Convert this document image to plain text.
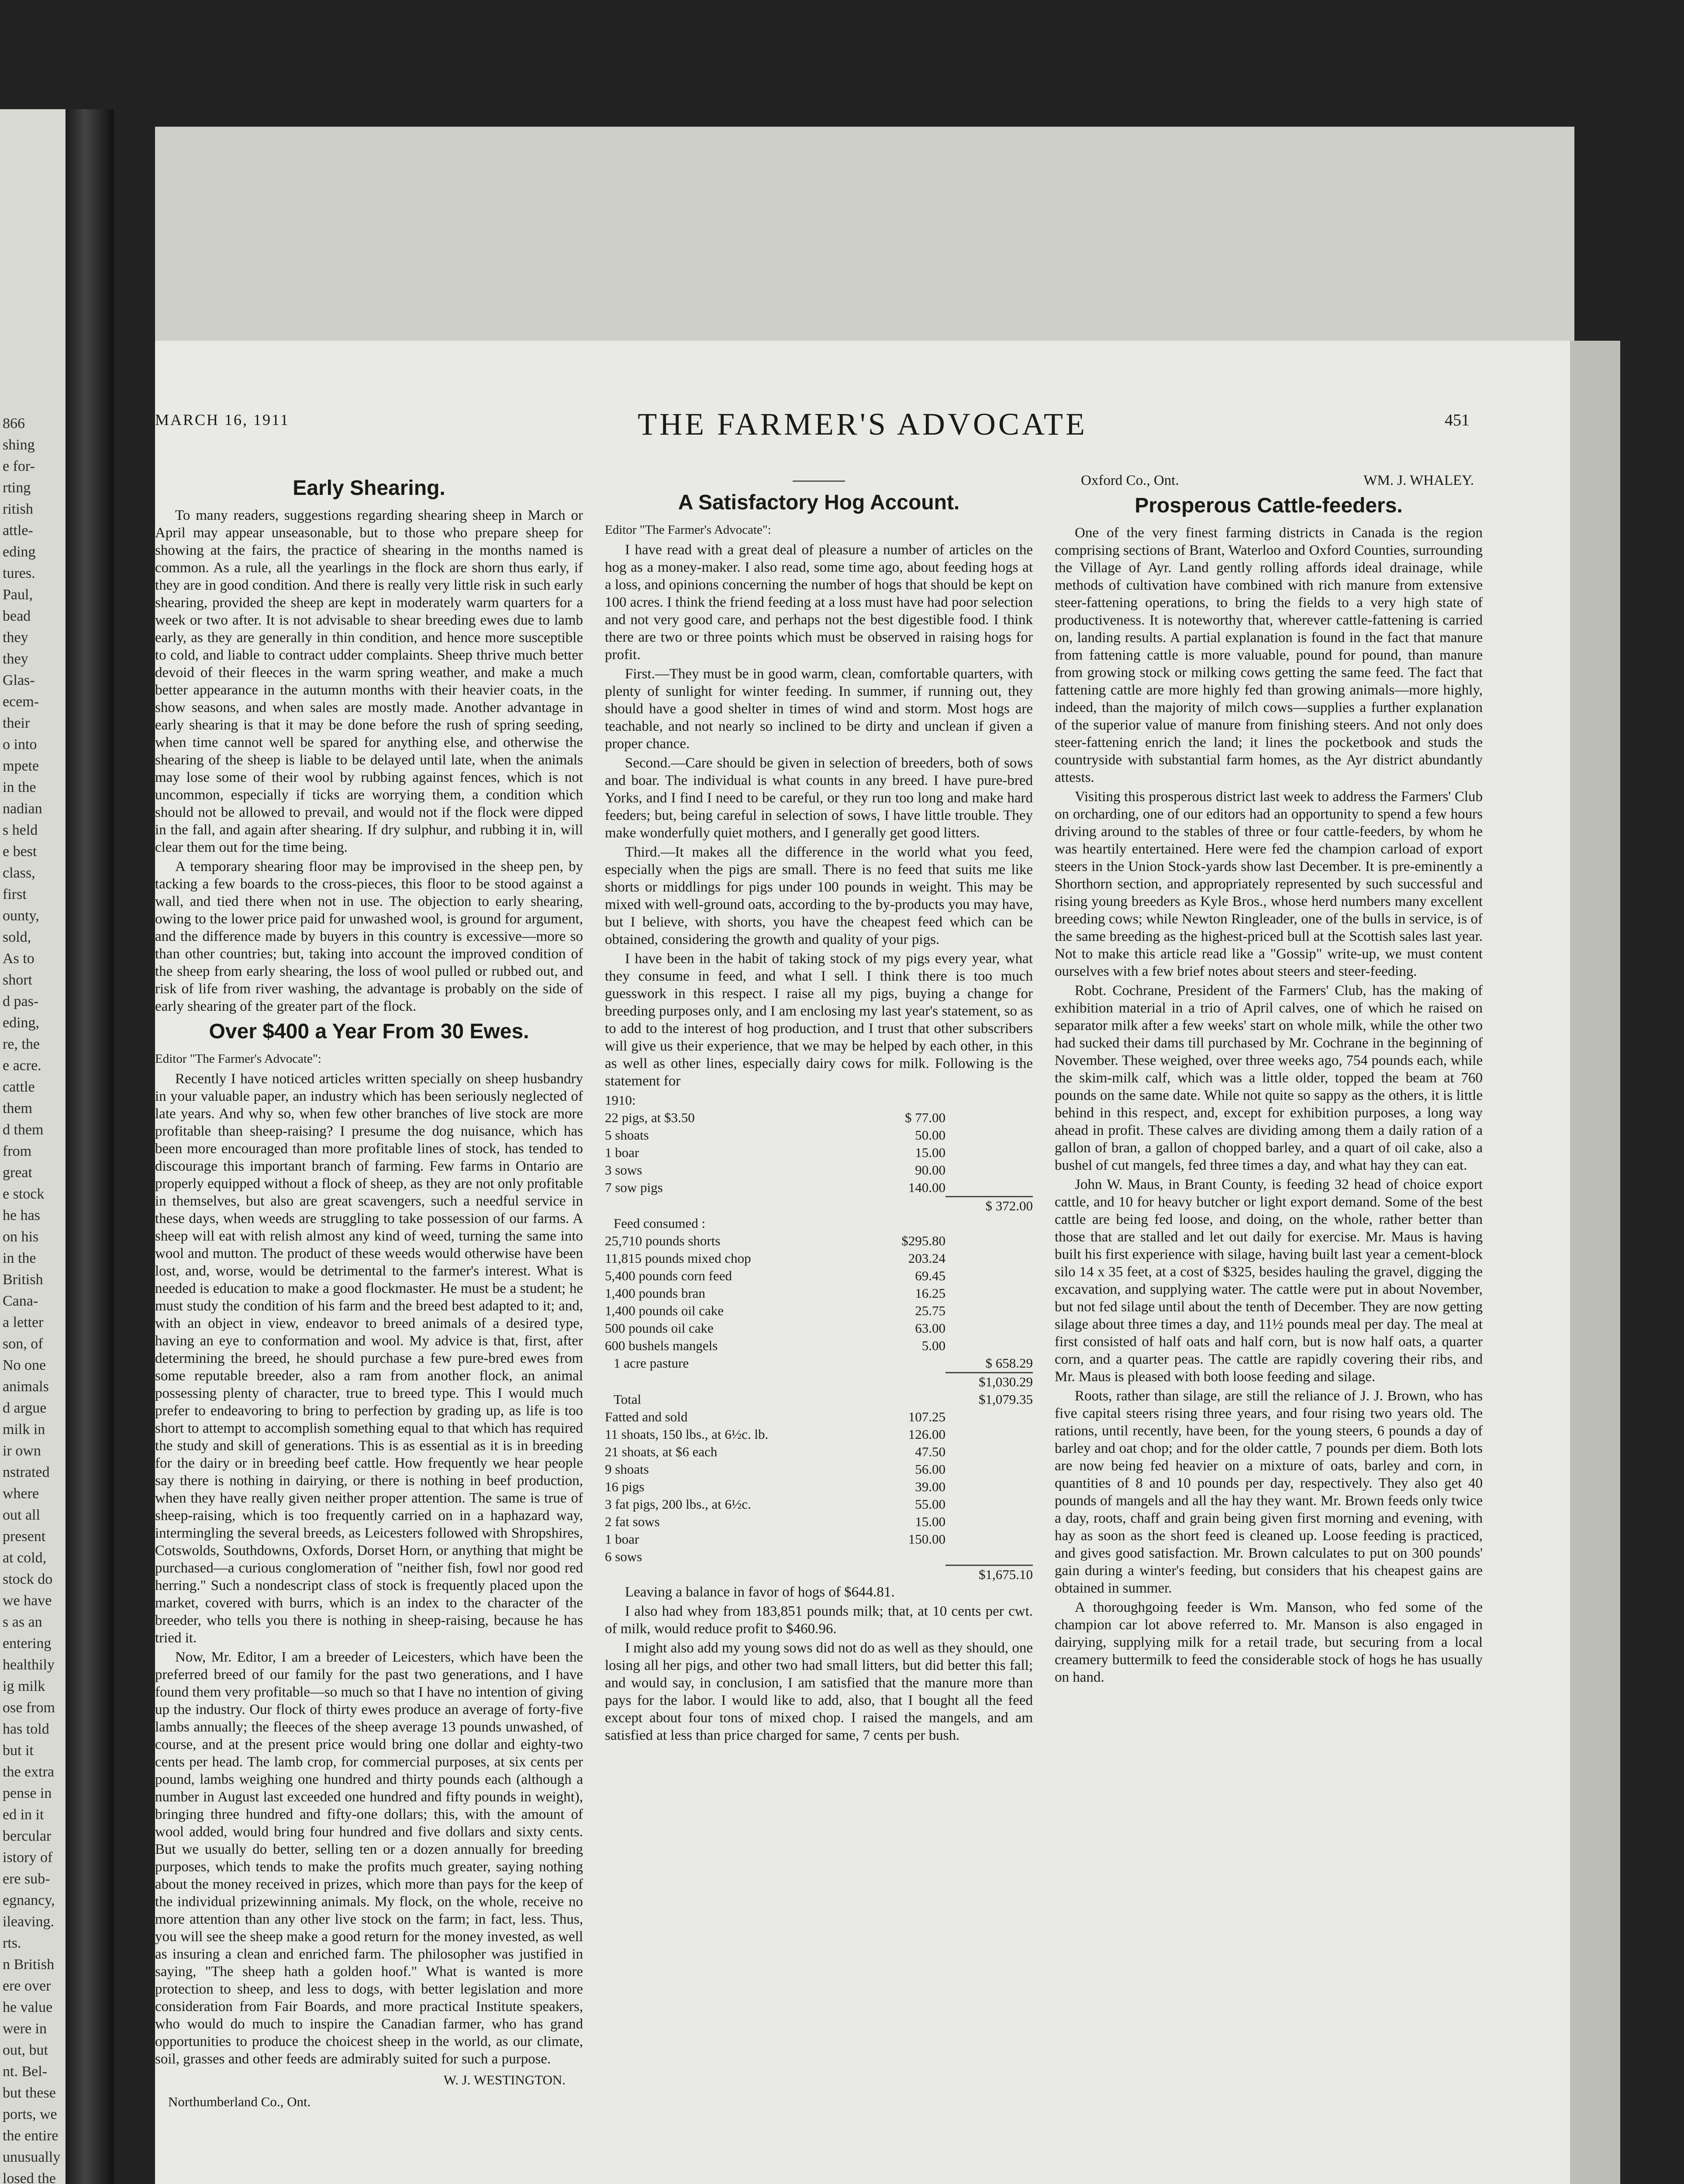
866
shing
e for-
rting
ritish
attle-
eding
tures.
Paul,
bead
they
they
Glas-
ecem-
their
o into
mpete
in the
nadian
s held
e best
class,
first
ounty,
sold,
As to
short
d pas-
eding,
re, the
e acre.
cattle
them
d them
from
great
e stock
he has
on his
in the
British
Cana-
a letter
son, of
No one
animals
d argue
milk in
ir own
nstrated
where
out all
present
at cold,
stock do
we have
s as an
entering
healthily
ig milk
ose from
has told
but it
the extra
pense in
ed in it
bercular
istory of
ere sub-
egnancy,
ileaving.
rts.
n British
ere over
he value
were in
out, but
nt. Bel-
but these
ports, we
the entire
unusually
losed the
MARCH 16, 1911	THE FARMER'S ADVOCATE	451
Early Shearing.

To many readers, suggestions regarding shearing sheep in March or April may appear unseasonable, but to those who prepare sheep for showing at the fairs, the practice of shearing in the months named is common. As a rule, all the yearlings in the flock are shorn thus early, if they are in good condition. And there is really very little risk in such early shearing, provided the sheep are kept in moderately warm quarters for a week or two after. It is not advisable to shear breeding ewes due to lamb early, as they are generally in thin condition, and hence more susceptible to cold, and liable to contract udder complaints. Sheep thrive much better devoid of their fleeces in the warm spring weather, and make a much better appearance in the autumn months with their heavier coats, in the show seasons, and when sales are mostly made. Another advantage in early shearing is that it may be done before the rush of spring seeding, when time cannot well be spared for anything else, and otherwise the shearing of the sheep is liable to be delayed until late, when the animals may lose some of their wool by rubbing against fences, which is not uncommon, especially if ticks are worrying them, a condition which should not be allowed to prevail, and would not if the flock were dipped in the fall, and again after shearing. If dry sulphur, and rubbing it in, will clear them out for the time being.

A temporary shearing floor may be improvised in the sheep pen, by tacking a few boards to the cross-pieces, this floor to be stood against a wall, and tied there when not in use. The objection to early shearing, owing to the lower price paid for unwashed wool, is ground for argument, and the difference made by buyers in this country is excessive—more so than other countries; but, taking into account the improved condition of the sheep from early shearing, the loss of wool pulled or rubbed out, and risk of life from river washing, the advantage is probably on the side of early shearing of the greater part of the flock.

Over $400 a Year From 30 Ewes.
Editor "The Farmer's Advocate":

Recently I have noticed articles written specially on sheep husbandry in your valuable paper, an industry which has been seriously neglected of late years. And why so, when few other branches of live stock are more profitable than sheep-raising? I presume the dog nuisance, which has been more encouraged than more profitable lines of stock, has tended to discourage this important branch of farming. Few farms in Ontario are properly equipped without a flock of sheep, as they are not only profitable in themselves, but also are great scavengers, such a needful service in these days, when weeds are struggling to take possession of our farms. A sheep will eat with relish almost any kind of weed, turning the same into wool and mutton. The product of these weeds would otherwise have been lost, and, worse, would be detrimental to the farmer's interest. What is needed is education to make a good flockmaster. He must be a student; he must study the condition of his farm and the breed best adapted to it; and, with an object in view, endeavor to breed animals of a desired type, having an eye to conformation and wool. My advice is that, first, after determining the breed, he should purchase a few pure-bred ewes from some reputable breeder, also a ram from another flock, an animal possessing plenty of character, true to breed type. This I would much prefer to endeavoring to bring to perfection by grading up, as life is too short to attempt to accomplish something equal to that which has required the study and skill of generations. This is as essential as it is in breeding for the dairy or in breeding beef cattle. How frequently we hear people say there is nothing in dairying, or there is nothing in beef production, when they have really given neither proper attention. The same is true of sheep-raising, which is too frequently carried on in a haphazard way, intermingling the several breeds, as Leicesters followed with Shropshires, Cotswolds, Southdowns, Oxfords, Dorset Horn, or anything that might be purchased—a curious conglomeration of "neither fish, fowl nor good red herring." Such a nondescript class of stock is frequently placed upon the market, covered with burrs, which is an index to the character of the breeder, who tells you there is nothing in sheep-raising, because he has tried it.

Now, Mr. Editor, I am a breeder of Leicesters, which have been the preferred breed of our family for the past two generations, and I have found them very profitable—so much so that I have no intention of giving up the industry. Our flock of thirty ewes produce an average of forty-five lambs annually; the fleeces of the sheep average 13 pounds unwashed, of course, and at the present price would bring one dollar and eighty-two cents per head. The lamb crop, for commercial purposes, at six cents per pound, lambs weighing one hundred and thirty pounds each (although a number in August last exceeded one hundred and fifty pounds in weight), bringing three hundred and fifty-one dollars; this, with the amount of wool added, would bring four hundred and five dollars and sixty cents. But we usually do better, selling ten or a dozen annually for breeding purposes, which tends to make the profits much greater, saying nothing about the money received in prizes, which more than pays for the keep of the individual prizewinning animals. My flock, on the whole, receive no more attention than any other live stock on the farm; in fact, less. Thus, you will see the sheep make a good return for the money invested, as well as insuring a clean and enriched farm. The philosopher was justified in saying, "The sheep hath a golden hoof." What is wanted is more protection to sheep, and less to dogs, with better legislation and more consideration from Fair Boards, and more practical Institute speakers, who would do much to inspire the Canadian farmer, who has grand opportunities to produce the choicest sheep in the world, as our climate, soil, grasses and other feeds are admirably suited for such a purpose.

W. J. WESTINGTON.
Northumberland Co., Ont.
A Satisfactory Hog Account.
Editor "The Farmer's Advocate":

I have read with a great deal of pleasure a number of articles on the hog as a money-maker. I also read, some time ago, about feeding hogs at a loss, and opinions concerning the number of hogs that should be kept on 100 acres. I think the friend feeding at a loss must have had poor selection and not very good care, and perhaps not the best digestible food. I think there are two or three points which must be observed in raising hogs for profit.

First.—They must be in good warm, clean, comfortable quarters, with plenty of sunlight for winter feeding. In summer, if running out, they should have a good shelter in times of wind and storm. Most hogs are teachable, and not nearly so inclined to be dirty and unclean if given a proper chance.

Second.—Care should be given in selection of breeders, both of sows and boar. The individual is what counts in any breed. I have pure-bred Yorks, and I find I need to be careful, or they run too long and make hard feeders; but, being careful in selection of sows, I have little trouble. They make wonderfully quiet mothers, and I generally get good litters.

Third.—It makes all the difference in the world what you feed, especially when the pigs are small. There is no feed that suits me like shorts or middlings for pigs under 100 pounds in weight. This may be mixed with well-ground oats, according to the by-products you may have, but I believe, with shorts, you have the cheapest feed which can be obtained, considering the growth and quality of your pigs.

I have been in the habit of taking stock of my pigs every year, what they consume in feed, and what I sell. I think there is too much guesswork in this respect. I raise all my pigs, buying a change for breeding purposes only, and I am enclosing my last year's statement, so as to add to the interest of hog production, and I trust that other subscribers will give us their experience, that we may be helped by each other, in this as well as other lines, especially dairy cows for milk. Following is the statement for

1910:
22 pigs, at $3.50	$ 77.00	
5 shoats	50.00	
1 boar	15.00	
3 sows	90.00	
7 sow pigs	140.00	
		$ 372.00
Feed consumed :		
25,710 pounds shorts	$295.80	
11,815 pounds mixed chop	203.24	
5,400 pounds corn feed	69.45	
1,400 pounds bran	16.25	
1,400 pounds oil cake	25.75	
500 pounds oil cake	63.00	
600 bushels mangels	5.00	
1 acre pasture		$ 658.29
		$1,030.29
Total		$1,079.35
Fatted and sold	107.25	
11 shoats, 150 lbs., at 6½c. lb.	126.00	
21 shoats, at $6 each	47.50	
9 shoats	56.00	
16 pigs	39.00	
3 fat pigs, 200 lbs., at 6½c.	55.00	
2 fat sows	15.00	
1 boar	150.00	
6 sows		
		$1,675.10

Leaving a balance in favor of hogs of $644.81.

I also had whey from 183,851 pounds milk; that, at 10 cents per cwt. of milk, would reduce profit to $460.96.

I might also add my young sows did not do as well as they should, one losing all her pigs, and other two had small litters, but did better this fall; and would say, in conclusion, I am satisfied that the manure more than pays for the labor. I would like to add, also, that I bought all the feed except about four tons of mixed chop. I raised the mangels, and am satisfied at less than price charged for same, 7 cents per bush.

Oxford Co., Ont.	WM. J. WHALEY.
Prosperous Cattle-feeders.

One of the very finest farming districts in Canada is the region comprising sections of Brant, Waterloo and Oxford Counties, surrounding the Village of Ayr. Land gently rolling affords ideal drainage, while methods of cultivation have combined with rich manure from extensive steer-fattening operations, to bring the fields to a very high state of productiveness. It is noteworthy that, wherever cattle-fattening is carried on, landing results. A partial explanation is found in the fact that manure from fattening cattle is more valuable, pound for pound, than manure from growing stock or milking cows getting the same feed. The fact that fattening cattle are more highly fed than growing animals—more highly, indeed, than the majority of milch cows—supplies a further explanation of the superior value of manure from finishing steers. And not only does steer-fattening enrich the land; it lines the pocketbook and studs the countryside with substantial farm homes, as the Ayr district abundantly attests.

Visiting this prosperous district last week to address the Farmers' Club on orcharding, one of our editors had an opportunity to spend a few hours driving around to the stables of three or four cattle-feeders, by whom he was heartily entertained. Here were fed the champion carload of export steers in the Union Stock-yards show last December. It is pre-eminently a Shorthorn section, and appropriately represented by such successful and rising young breeders as Kyle Bros., whose herd numbers many excellent breeding cows; while Newton Ringleader, one of the bulls in service, is of the same breeding as the highest-priced bull at the Scottish sales last year. Not to make this article read like a "Gossip" write-up, we must content ourselves with a few brief notes about steers and steer-feeding.

Robt. Cochrane, President of the Farmers' Club, has the making of exhibition material in a trio of April calves, one of which he raised on separator milk after a few weeks' start on whole milk, while the other two had sucked their dams till purchased by Mr. Cochrane in the beginning of November. These weighed, over three weeks ago, 754 pounds each, while the skim-milk calf, which was a little older, topped the beam at 760 pounds on the same date. While not quite so sappy as the others, it is little behind in this respect, and, except for exhibition purposes, a long way ahead in profit. These calves are dividing among them a daily ration of a gallon of bran, a gallon of chopped barley, and a quart of oil cake, also a bushel of cut mangels, fed three times a day, and what hay they can eat.

John W. Maus, in Brant County, is feeding 32 head of choice export cattle, and 10 for heavy butcher or light export demand. Some of the best cattle are being fed loose, and doing, on the whole, rather better than those that are stalled and let out daily for exercise. Mr. Maus is having built his first experience with silage, having built last year a cement-block silo 14 x 35 feet, at a cost of $325, besides hauling the gravel, digging the excavation, and supplying water. The cattle were put in about November, but not fed silage until about the tenth of December. They are now getting silage about three times a day, and 11½ pounds meal per day. The meal at first consisted of half oats and half corn, but is now half oats, a quarter corn, and a quarter peas. The cattle are rapidly covering their ribs, and Mr. Maus is pleased with both loose feeding and silage.

Roots, rather than silage, are still the reliance of J. J. Brown, who has five capital steers rising three years, and four rising two years old. The rations, until recently, have been, for the young steers, 6 pounds a day of barley and oat chop; and for the older cattle, 7 pounds per diem. Both lots are now being fed heavier on a mixture of oats, barley and corn, in quantities of 8 and 10 pounds per day, respectively. They also get 40 pounds of mangels and all the hay they want. Mr. Brown feeds only twice a day, roots, chaff and grain being given first morning and evening, with hay as soon as the short feed is cleaned up. Loose feeding is practiced, and gives good satisfaction. Mr. Brown calculates to put on 300 pounds' gain during a winter's feeding, but considers that his cheapest gains are obtained in summer.

A thoroughgoing feeder is Wm. Manson, who fed some of the champion car lot above referred to. Mr. Manson is also engaged in dairying, supplying milk for a retail trade, but securing from a local creamery buttermilk to feed the considerable stock of hogs he has usually on hand.
